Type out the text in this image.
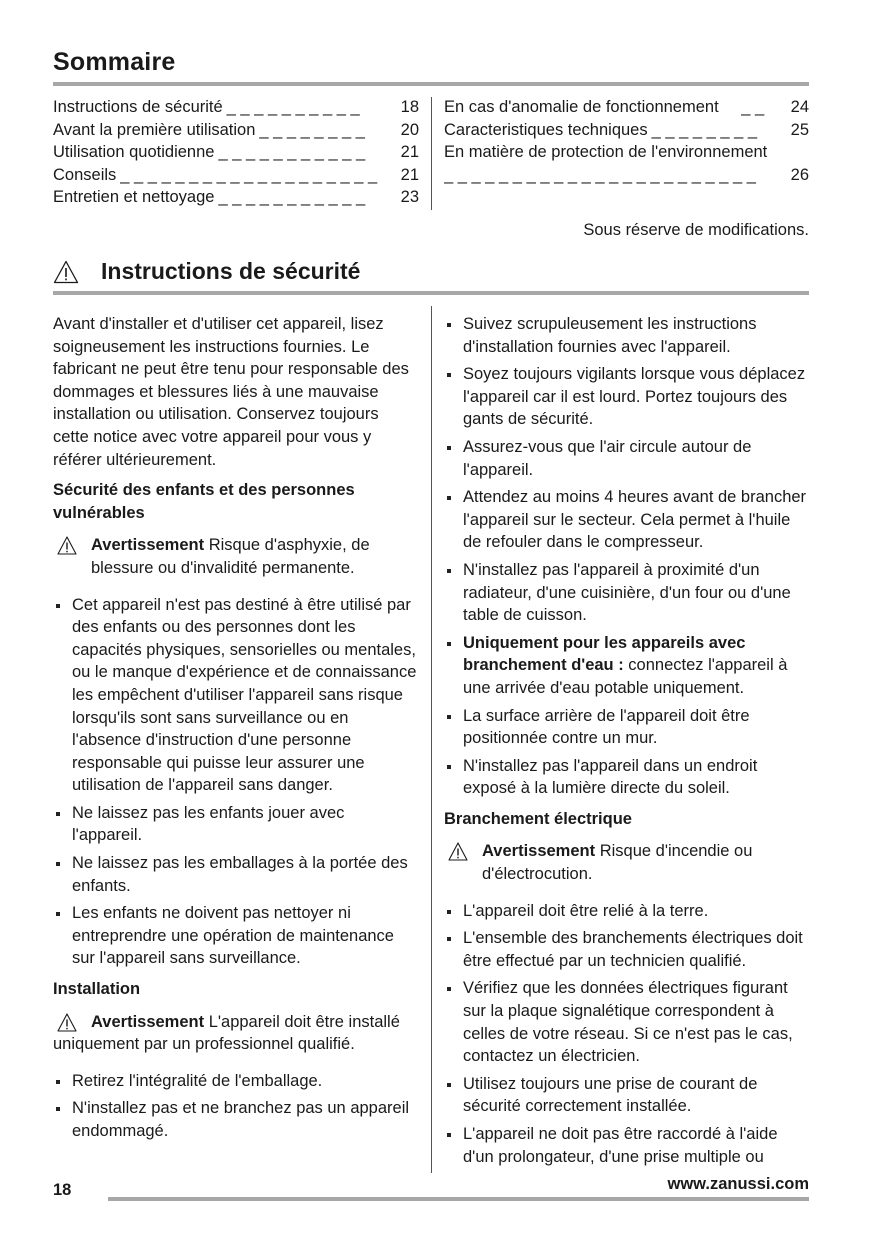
Sommaire
Instructions de sécurité _ _ _ _ _ _ _ _ _ _	18
Avant la première utilisation _ _ _ _ _ _ _ _	20
Utilisation quotidienne _ _ _ _ _ _ _ _ _ _ _	21
Conseils _ _ _ _ _ _ _ _ _ _ _ _ _ _ _ _ _ _ _	21
Entretien et nettoyage _ _ _ _ _ _ _ _ _ _ _	23
En cas d'anomalie de fonctionnement	_ _	24
Caracteristiques techniques _ _ _ _ _ _ _ _	25
En matière de protection de l'environnement
_ _ _ _ _ _ _ _ _ _ _ _ _ _ _ _ _ _ _ _ _ _ _	26
Sous réserve de modifications.
Instructions de sécurité

Avant d'installer et d'utiliser cet appareil, lisez soigneusement les instructions fournies. Le fabricant ne peut être tenu pour responsable des dommages et blessures liés à une mauvaise installation ou utilisation. Conservez toujours cette notice avec votre appareil pour vous y référer ultérieurement.

Sécurité des enfants et des personnes vulnérables
Avertissement Risque d'asphyxie, de blessure ou d'invalidité permanente.
Cet appareil n'est pas destiné à être utilisé par des enfants ou des personnes dont les capacités physiques, sensorielles ou mentales, ou le manque d'expérience et de connaissance les empêchent d'utiliser l'appareil sans risque lorsqu'ils sont sans surveillance ou en l'absence d'instruction d'une personne responsable qui puisse leur assurer une utilisation de l'appareil sans danger.
Ne laissez pas les enfants jouer avec l'appareil.
Ne laissez pas les emballages à la portée des enfants.
Les enfants ne doivent pas nettoyer ni entreprendre une opération de maintenance sur l'appareil sans surveillance.
Installation
Avertissement L'appareil doit être installé uniquement par un professionnel qualifié.
Retirez l'intégralité de l'emballage.
N'installez pas et ne branchez pas un appareil endommagé.
Suivez scrupuleusement les instructions d'installation fournies avec l'appareil.
Soyez toujours vigilants lorsque vous déplacez l'appareil car il est lourd. Portez toujours des gants de sécurité.
Assurez-vous que l'air circule autour de l'appareil.
Attendez au moins 4 heures avant de brancher l'appareil sur le secteur. Cela permet à l'huile de refouler dans le compresseur.
N'installez pas l'appareil à proximité d'un radiateur, d'une cuisinière, d'un four ou d'une table de cuisson.
Uniquement pour les appareils avec branchement d'eau : connectez l'appareil à une arrivée d'eau potable uniquement.
La surface arrière de l'appareil doit être positionnée contre un mur.
N'installez pas l'appareil dans un endroit exposé à la lumière directe du soleil.
Branchement électrique
Avertissement Risque d'incendie ou d'électrocution.
L'appareil doit être relié à la terre.
L'ensemble des branchements électriques doit être effectué par un technicien qualifié.
Vérifiez que les données électriques figurant sur la plaque signalétique correspondent à celles de votre réseau. Si ce n'est pas le cas, contactez un électricien.
Utilisez toujours une prise de courant de sécurité correctement installée.
L'appareil ne doit pas être raccordé à l'aide d'un prolongateur, d'une prise multiple ou
18	www.zanussi.com
